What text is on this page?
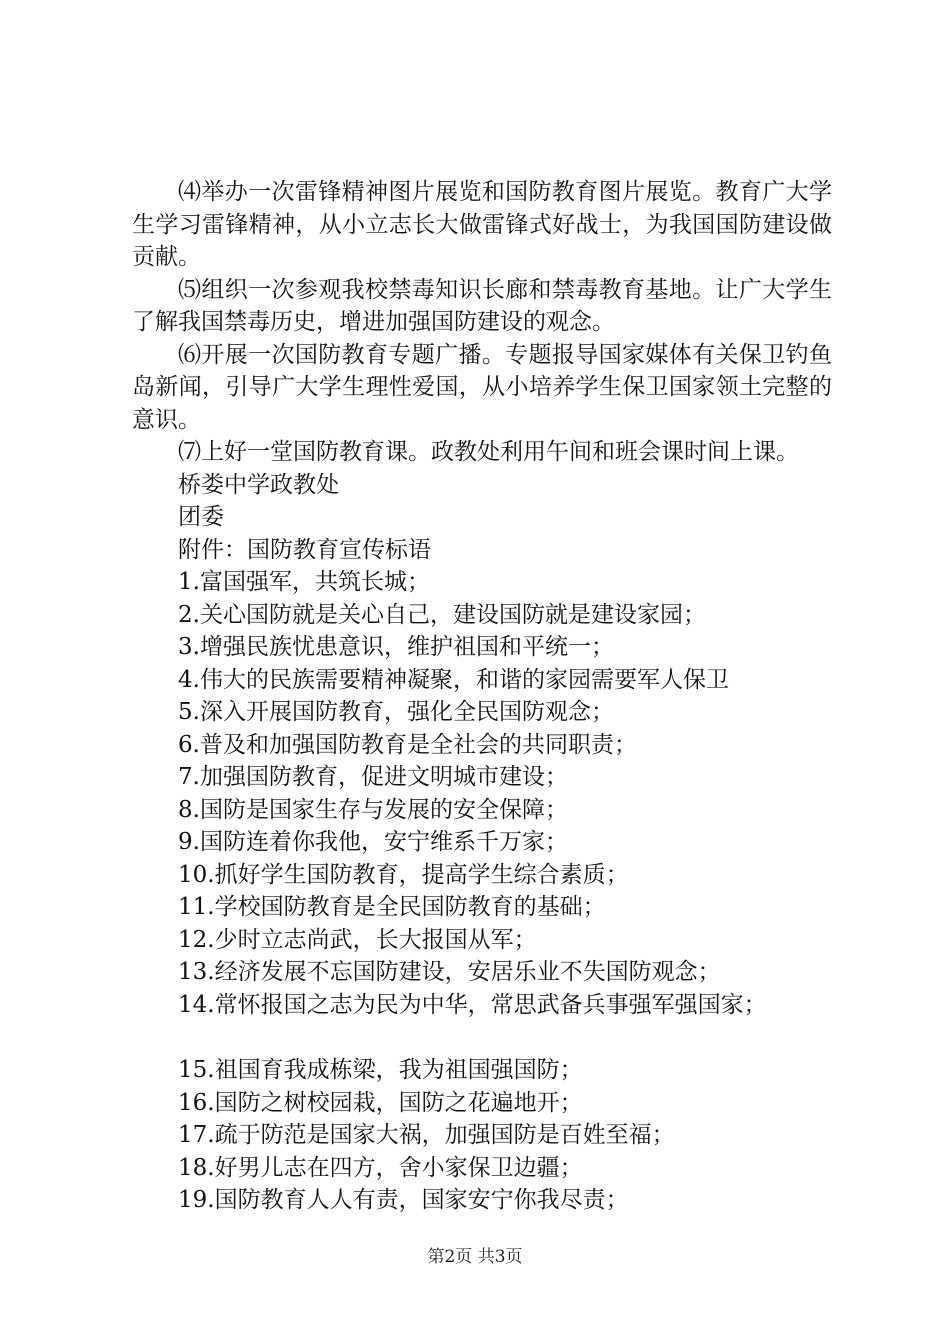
⑷举办一次雷锋精神图片展览和国防教育图片展览。教育广大学生学习雷锋精神，从小立志长大做雷锋式好战士，为我国国防建设做贡献。

⑸组织一次参观我校禁毒知识长廊和禁毒教育基地。让广大学生了解我国禁毒历史，增进加强国防建设的观念。

⑹开展一次国防教育专题广播。专题报导国家媒体有关保卫钓鱼岛新闻，引导广大学生理性爱国，从小培养学生保卫国家领土完整的意识。

⑺上好一堂国防教育课。政教处利用午间和班会课时间上课。

桥娄中学政教处

团委

附件：国防教育宣传标语

1.富国强军，共筑长城；

2.关心国防就是关心自己，建设国防就是建设家园；

3.增强民族忧患意识，维护祖国和平统一；

4.伟大的民族需要精神凝聚，和谐的家园需要军人保卫

5.深入开展国防教育，强化全民国防观念；

6.普及和加强国防教育是全社会的共同职责；

7.加强国防教育，促进文明城市建设；

8.国防是国家生存与发展的安全保障；

9.国防连着你我他，安宁维系千万家；

10.抓好学生国防教育，提高学生综合素质；

11.学校国防教育是全民国防教育的基础；

12.少时立志尚武，长大报国从军；

13.经济发展不忘国防建设，安居乐业不失国防观念；

14.常怀报国之志为民为中华，常思武备兵事强军强国家；

15.祖国育我成栋梁，我为祖国强国防；

16.国防之树校园栽，国防之花遍地开；

17.疏于防范是国家大祸，加强国防是百姓至福；

18.好男儿志在四方，舍小家保卫边疆；

19.国防教育人人有责，国家安宁你我尽责；

第2页 共3页
